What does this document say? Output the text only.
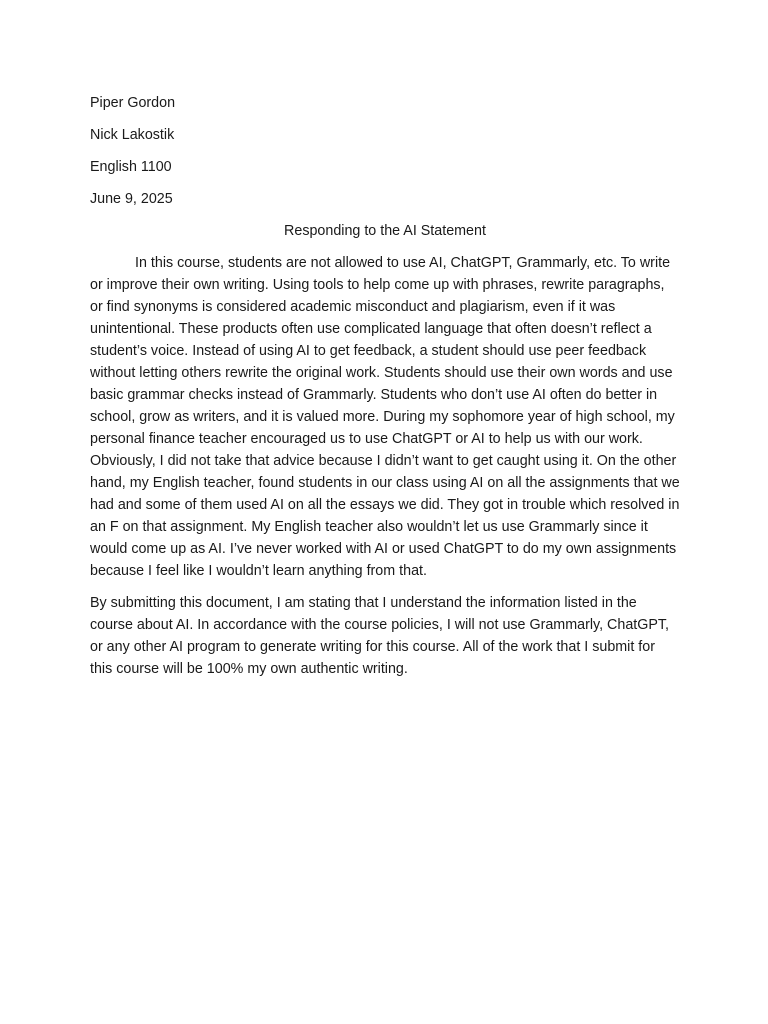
Piper Gordon

Nick Lakostik

English 1100

June 9, 2025

Responding to the AI Statement

In this course, students are not allowed to use AI, ChatGPT, Grammarly, etc. To write or improve their own writing. Using tools to help come up with phrases, rewrite paragraphs, or find synonyms is considered academic misconduct and plagiarism, even if it was unintentional. These products often use complicated language that often doesn’t reflect a student’s voice. Instead of using AI to get feedback, a student should use peer feedback without letting others rewrite the original work. Students should use their own words and use basic grammar checks instead of Grammarly. Students who don’t use AI often do better in school, grow as writers, and it is valued more. During my sophomore year of high school, my personal finance teacher encouraged us to use ChatGPT or AI to help us with our work. Obviously, I did not take that advice because I didn’t want to get caught using it. On the other hand, my English teacher, found students in our class using AI on all the assignments that we had and some of them used AI on all the essays we did. They got in trouble which resolved in an F on that assignment. My English teacher also wouldn’t let us use Grammarly since it would come up as AI. I’ve never worked with AI or used ChatGPT to do my own assignments because I feel like I wouldn’t learn anything from that.

By submitting this document, I am stating that I understand the information listed in the course about AI. In accordance with the course policies, I will not use Grammarly, ChatGPT, or any other AI program to generate writing for this course. All of the work that I submit for this course will be 100% my own authentic writing.
